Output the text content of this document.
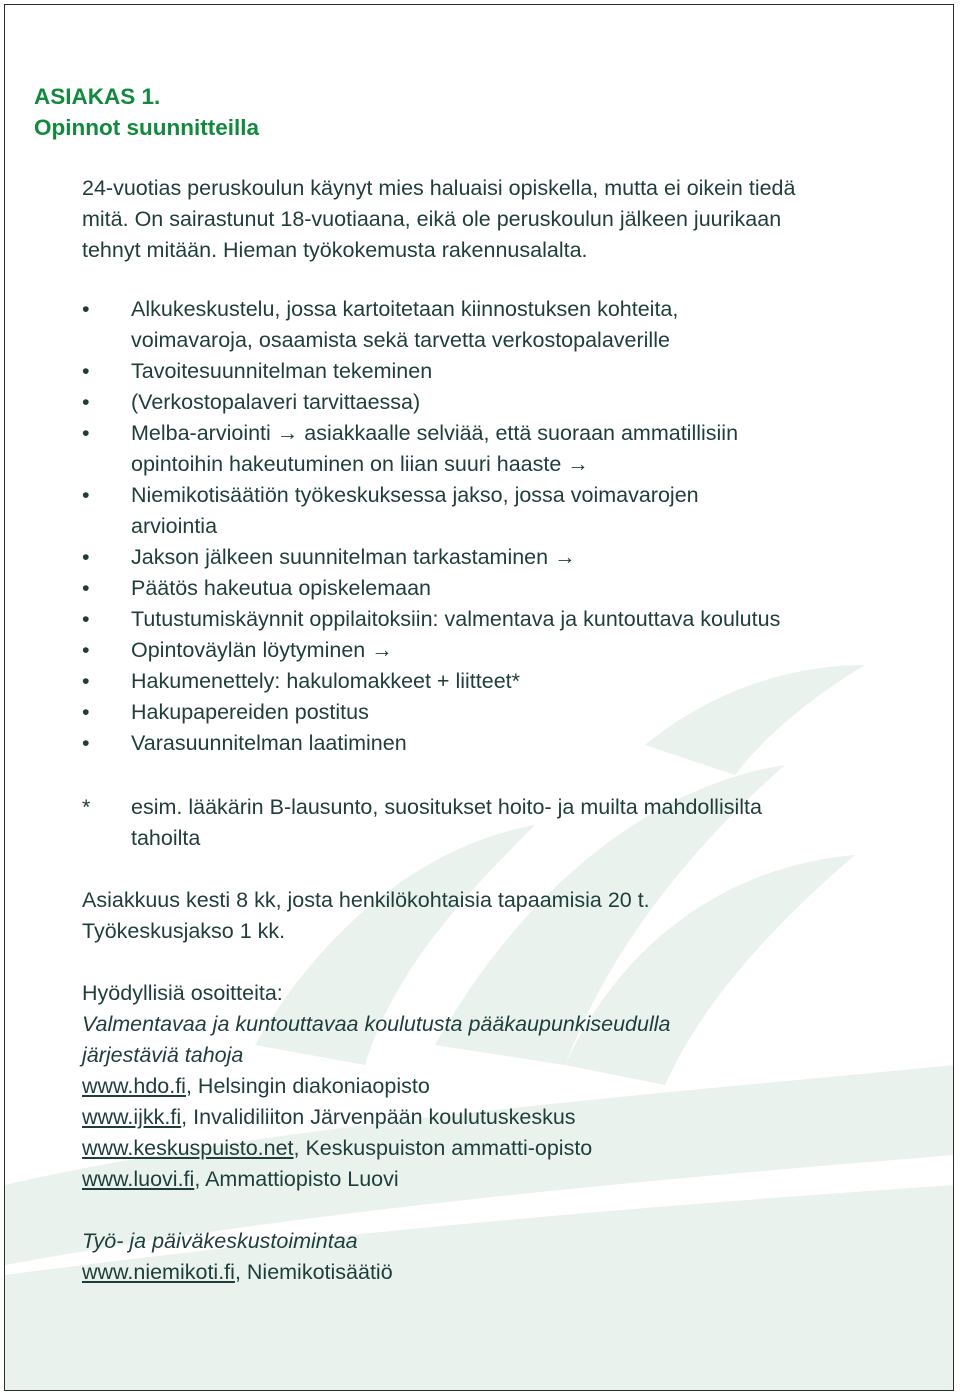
ASIAKAS 1.
Opinnot suunnitteilla
24-vuotias peruskoulun käynyt mies haluaisi opiskella, mutta ei oikein tiedä
mitä. On sairastunut 18-vuotiaana, eikä ole peruskoulun jälkeen juurikaan
tehnyt mitään. Hieman työkokemusta rakennusalalta.
•	Alkukeskustelu, jossa kartoitetaan kiinnostuksen kohteita,
voimavaroja, osaamista sekä tarvetta verkostopalaverille
•	Tavoitesuunnitelman tekeminen
•	(Verkostopalaveri tarvittaessa)
•	Melba-arviointi → asiakkaalle selviää, että suoraan ammatillisiin
opintoihin hakeutuminen on liian suuri haaste →
•	Niemikotisäätiön työkeskuksessa jakso, jossa voimavarojen
arviointia
•	Jakson jälkeen suunnitelman tarkastaminen →
•	Päätös hakeutua opiskelemaan
•	Tutustumiskäynnit oppilaitoksiin: valmentava ja kuntouttava koulutus
•	Opintoväylän löytyminen →
•	Hakumenettely: hakulomakkeet + liitteet*
•	Hakupapereiden postitus
•	Varasuunnitelman laatiminen
*	esim. lääkärin B-lausunto, suositukset hoito- ja muilta mahdollisilta
tahoilta
Asiakkuus kesti 8 kk, josta henkilökohtaisia tapaamisia 20 t.
Työkeskusjakso 1 kk.
Hyödyllisiä osoitteita:
Valmentavaa ja kuntouttavaa koulutusta pääkaupunkiseudulla
järjestäviä tahoja
www.hdo.fi, Helsingin diakoniaopisto
www.ijkk.fi, Invalidiliiton Järvenpään koulutuskeskus
www.keskuspuisto.net, Keskuspuiston ammatti-opisto
www.luovi.fi, Ammattiopisto Luovi
Työ- ja päiväkeskustoimintaa
www.niemikoti.fi, Niemikotisäätiö
